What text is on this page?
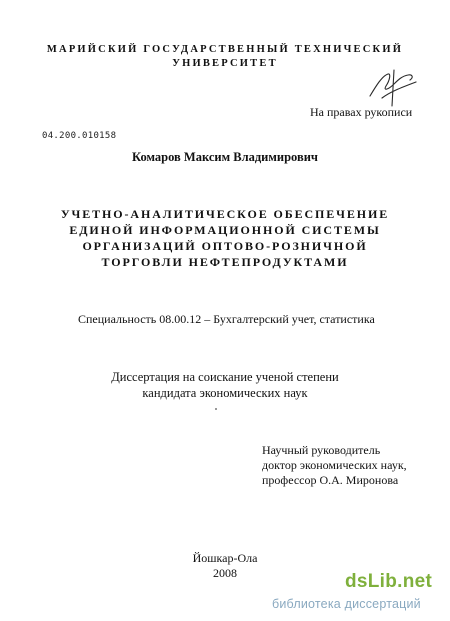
МАРИЙСКИЙ ГОСУДАРСТВЕННЫЙ ТЕХНИЧЕСКИЙ
УНИВЕРСИТЕТ
На правах рукописи
04.200.010158
Комаров Максим Владимирович
УЧЕТНО-АНАЛИТИЧЕСКОЕ ОБЕСПЕЧЕНИЕ
ЕДИНОЙ ИНФОРМАЦИОННОЙ СИСТЕМЫ
ОРГАНИЗАЦИЙ ОПТОВО-РОЗНИЧНОЙ
ТОРГОВЛИ НЕФТЕПРОДУКТАМИ
Специальность 08.00.12 – Бухгалтерский учет, статистика
Диссертация на соискание ученой степени
кандидата экономических наук
Научный руководитель
доктор экономических наук,
профессор О.А. Миронова
Йошкар-Ола
2008	dsLib.net
библиотека диссертаций
